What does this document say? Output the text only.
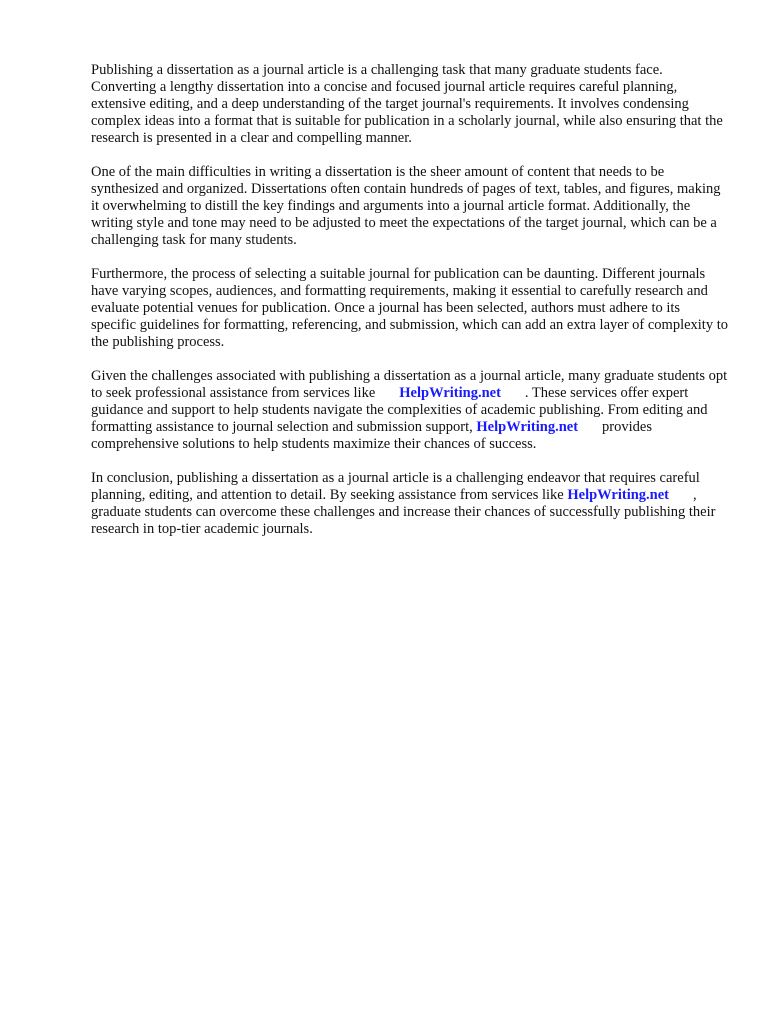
Publishing a dissertation as a journal article is a challenging task that many graduate students face. Converting a lengthy dissertation into a concise and focused journal article requires careful planning, extensive editing, and a deep understanding of the target journal's requirements. It involves condensing complex ideas into a format that is suitable for publication in a scholarly journal, while also ensuring that the research is presented in a clear and compelling manner.

One of the main difficulties in writing a dissertation is the sheer amount of content that needs to be synthesized and organized. Dissertations often contain hundreds of pages of text, tables, and figures, making it overwhelming to distill the key findings and arguments into a journal article format. Additionally, the writing style and tone may need to be adjusted to meet the expectations of the target journal, which can be a challenging task for many students.

Furthermore, the process of selecting a suitable journal for publication can be daunting. Different journals have varying scopes, audiences, and formatting requirements, making it essential to carefully research and evaluate potential venues for publication. Once a journal has been selected, authors must adhere to its specific guidelines for formatting, referencing, and submission, which can add an extra layer of complexity to the publishing process.

Given the challenges associated with publishing a dissertation as a journal article, many graduate students opt to seek professional assistance from services like HelpWriting.net . These services offer expert guidance and support to help students navigate the complexities of academic publishing. From editing and formatting assistance to journal selection and submission support, HelpWriting.net provides comprehensive solutions to help students maximize their chances of success.

In conclusion, publishing a dissertation as a journal article is a challenging endeavor that requires careful planning, editing, and attention to detail. By seeking assistance from services like HelpWriting.net , graduate students can overcome these challenges and increase their chances of successfully publishing their research in top-tier academic journals.
